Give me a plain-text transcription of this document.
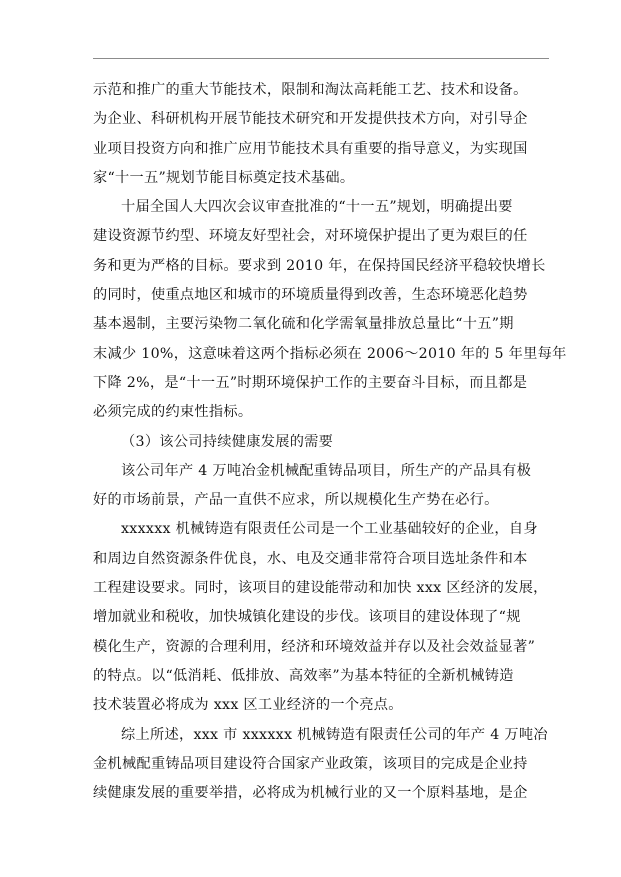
示范和推广的重大节能技术，限制和淘汰高耗能工艺、技术和设备。
为企业、科研机构开展节能技术研究和开发提供技术方向，对引导企
业项目投资方向和推广应用节能技术具有重要的指导意义，为实现国
家“十一五”规划节能目标奠定技术基础。
十届全国人大四次会议审查批准的“十一五”规划，明确提出要
建设资源节约型、环境友好型社会，对环境保护提出了更为艰巨的任
务和更为严格的目标。要求到 2010 年，在保持国民经济平稳较快增长
的同时，使重点地区和城市的环境质量得到改善，生态环境恶化趋势
基本遏制，主要污染物二氧化硫和化学需氧量排放总量比“十五”期
末减少 10%，这意味着这两个指标必须在 2006～2010 年的 5 年里每年
下降 2%，是“十一五”时期环境保护工作的主要奋斗目标，而且都是
必须完成的约束性指标。
（3）该公司持续健康发展的需要
该公司年产 4 万吨冶金机械配重铸品项目，所生产的产品具有极
好的市场前景，产品一直供不应求，所以规模化生产势在必行。
xxxxxx 机械铸造有限责任公司是一个工业基础较好的企业，自身
和周边自然资源条件优良，水、电及交通非常符合项目选址条件和本
工程建设要求。同时，该项目的建设能带动和加快 xxx 区经济的发展，
增加就业和税收，加快城镇化建设的步伐。该项目的建设体现了“规
模化生产，资源的合理利用，经济和环境效益并存以及社会效益显著”
的特点。以“低消耗、低排放、高效率”为基本特征的全新机械铸造
技术装置必将成为 xxx 区工业经济的一个亮点。
综上所述，xxx 市 xxxxxx 机械铸造有限责任公司的年产 4 万吨冶
金机械配重铸品项目建设符合国家产业政策，该项目的完成是企业持
续健康发展的重要举措，必将成为机械行业的又一个原料基地，是企
